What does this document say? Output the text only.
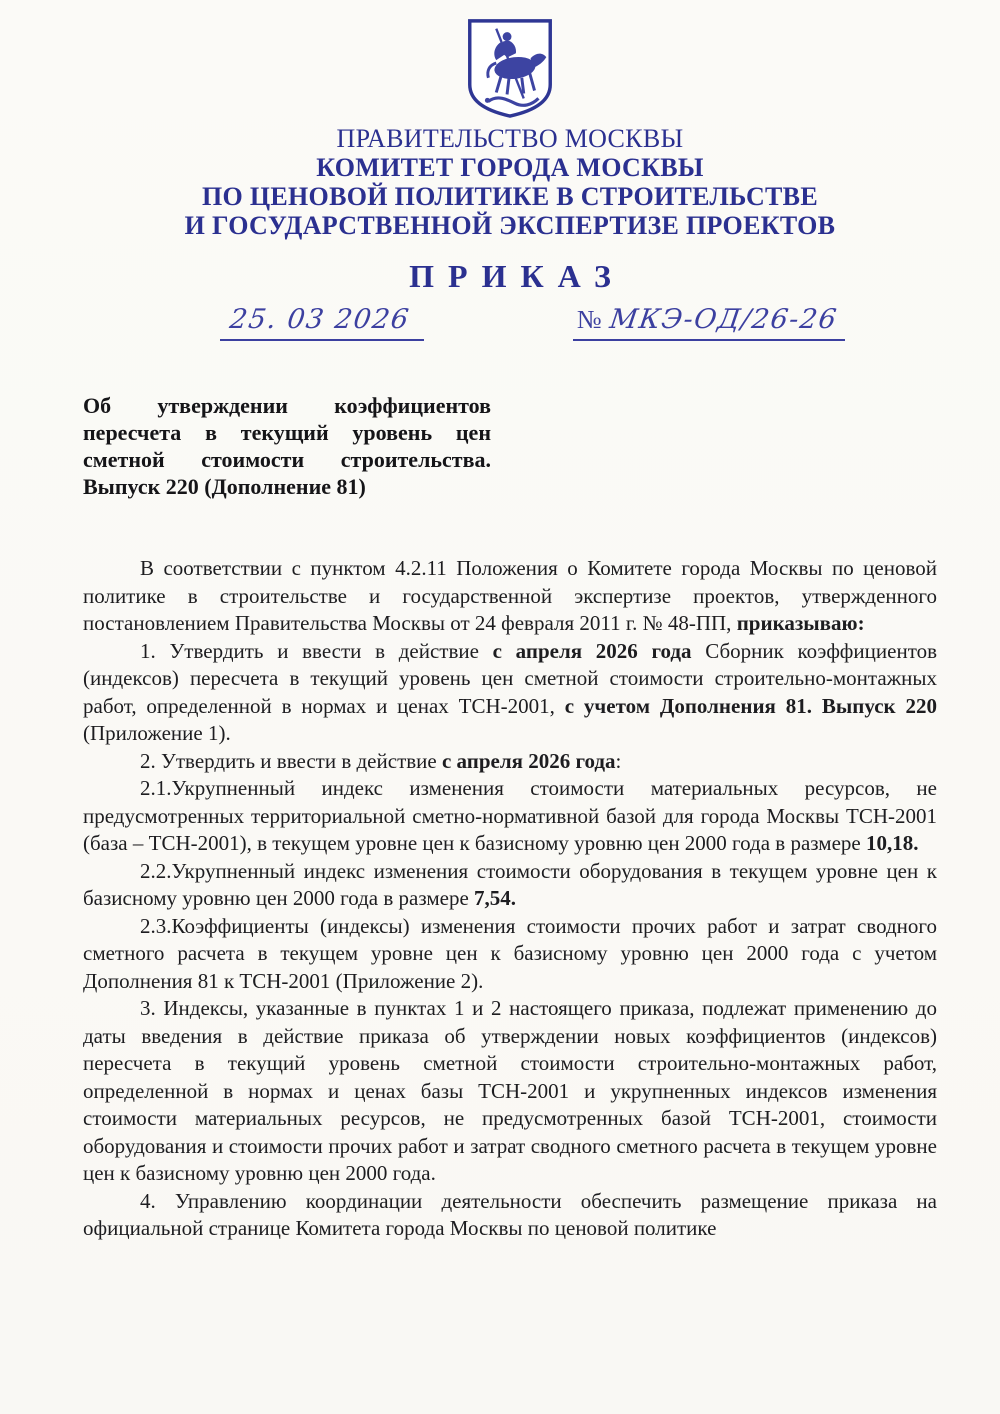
ПРАВИТЕЛЬСТВО МОСКВЫ
КОМИТЕТ ГОРОДА МОСКВЫ
ПО ЦЕНОВОЙ ПОЛИТИКЕ В СТРОИТЕЛЬСТВЕ
И ГОСУДАРСТВЕННОЙ ЭКСПЕРТИЗЕ ПРОЕКТОВ
ПРИКАЗ
25. 03 2026	№ МКЭ-ОД/26-26
Об утверждении коэффициентов пересчета в текущий уровень цен сметной стоимости строительства. Выпуск 220 (Дополнение 81)

В соответствии с пунктом 4.2.11 Положения о Комитете города Москвы по ценовой политике в строительстве и государственной экспертизе проектов, утвержденного постановлением Правительства Москвы от 24 февраля 2011 г. № 48-ПП, приказываю:

1. Утвердить и ввести в действие с апреля 2026 года Сборник коэффициентов (индексов) пересчета в текущий уровень цен сметной стоимости строительно-монтажных работ, определенной в нормах и ценах ТСН-2001, с учетом Дополнения 81. Выпуск 220 (Приложение 1).

2. Утвердить и ввести в действие с апреля 2026 года:

2.1.Укрупненный индекс изменения стоимости материальных ресурсов, не предусмотренных территориальной сметно-нормативной базой для города Москвы ТСН-2001 (база – ТСН-2001), в текущем уровне цен к базисному уровню цен 2000 года в размере 10,18.

2.2.Укрупненный индекс изменения стоимости оборудования в текущем уровне цен к базисному уровню цен 2000 года в размере 7,54.

2.3.Коэффициенты (индексы) изменения стоимости прочих работ и затрат сводного сметного расчета в текущем уровне цен к базисному уровню цен 2000 года с учетом Дополнения 81 к ТСН-2001 (Приложение 2).

3. Индексы, указанные в пунктах 1 и 2 настоящего приказа, подлежат применению до даты введения в действие приказа об утверждении новых коэффициентов (индексов) пересчета в текущий уровень сметной стоимости строительно-монтажных работ, определенной в нормах и ценах базы ТСН-2001 и укрупненных индексов изменения стоимости материальных ресурсов, не предусмотренных базой ТСН-2001, стоимости оборудования и стоимости прочих работ и затрат сводного сметного расчета в текущем уровне цен к базисному уровню цен 2000 года.

4. Управлению координации деятельности обеспечить размещение приказа на официальной странице Комитета города Москвы по ценовой политике
